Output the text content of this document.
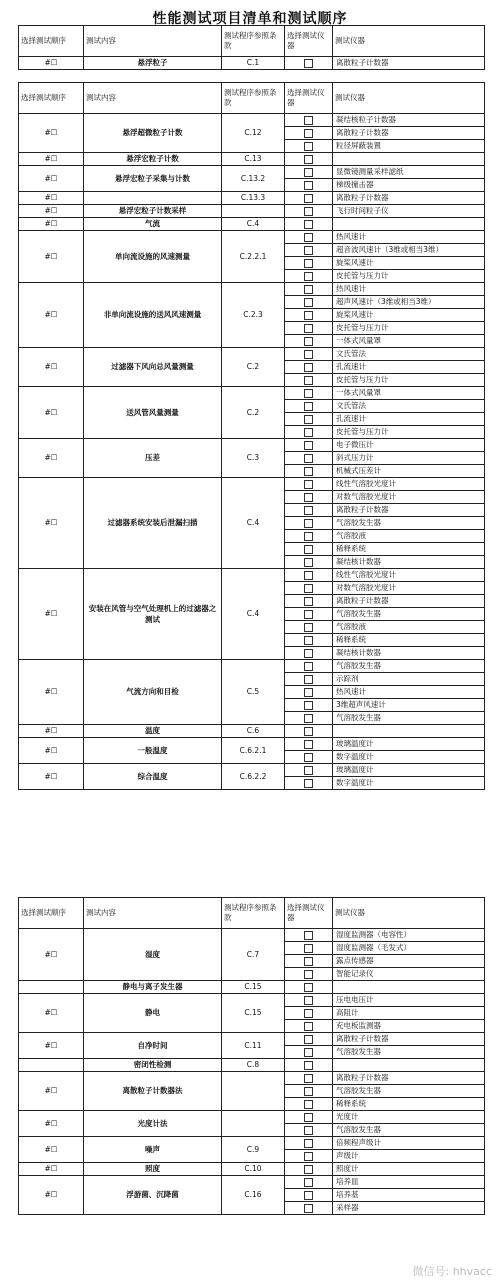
性能测试项目清单和测试顺序
选择测试顺序	测试内容	测试程序参照条款	选择测试仪器	测试仪器
#☐	悬浮粒子	C.1		离散粒子计数器
选择测试顺序	测试内容	测试程序参照条款	选择测试仪器	测试仪器
#☐	悬浮超微粒子计数	C.12		凝结核粒子计数器
				离散粒子计数器
				粒径屏蔽装置
#☐	悬浮宏粒子计数	C.13		
#☐	悬浮宏粒子采集与计数	C.13.2		显微镜测量采样滤纸
				梯级撞击器
#☐		C.13.3		离散粒子计数器
#☐	悬浮宏粒子计数采样			飞行时间粒子仪
#☐	气流	C.4		
#☐	单向流设施的风速测量	C.2.2.1		热风速计
				超音波风速计（3维或相当3维）
				旋桨风速计
				皮托管与压力计
#☐	非单向流设施的送风风速测量	C.2.3		热风速计
				超声风速计（3维或相当3维）
				旋桨风速计
				皮托管与压力计
				一体式风量罩
#☐	过滤器下风向总风量测量	C.2		文氏管法
				孔流速计
				皮托管与压力计
#☐	送风管风量测量	C.2		一体式风量罩
				文氏管法
				孔流速计
				皮托管与压力计
#☐	压差	C.3		电子微压计
				斜式压力计
				机械式压差计
#☐	过滤器系统安装后泄漏扫描	C.4		线性气溶胶光度计
				对数气溶胶光度计
				离散粒子计数器
				气溶胶发生器
				气溶胶液
				稀释系统
				凝结核计数器
#☐	安装在风管与空气处理机上的过滤器之测试	C.4		线性气溶胶光度计
				对数气溶胶光度计
				离散粒子计数器
				气溶胶发生器
				气溶胶液
				稀释系统
				凝结核计数器
#☐	气流方向和目检	C.5		气溶胶发生器
				示踪剂
				热风速计
				3维超声风速计
				气溶胶发生器
#☐	温度	C.6		
#☐	一般温度	C.6.2.1		玻璃温度计
				数字温度计
#☐	综合温度	C.6.2.2		玻璃温度计
				数字温度计
选择测试顺序	测试内容	测试程序参照条款	选择测试仪器	测试仪器
#☐	湿度	C.7		湿度监测器（电容性）
				湿度监测器（毛发式）
				露点传感器
				智能记录仪
	静电与离子发生器	C.15		
#☐	静电	C.15		压电电压计
				高阻计
				充电板监测器
#☐	自净时间	C.11		离散粒子计数器
				气溶胶发生器
	密闭性检测	C.8		
#☐	离散粒子计数器法			离散粒子计数器
				气溶胶发生器
				稀释系统
#☐	光度计法			光度计
				气溶胶发生器
#☐	噪声	C.9		倍频程声级计
				声级计
#☐	照度	C.10		照度计
#☐	浮游菌、沉降菌	C.16		培养皿
				培养基
				采样器
微信号: hhvacc
